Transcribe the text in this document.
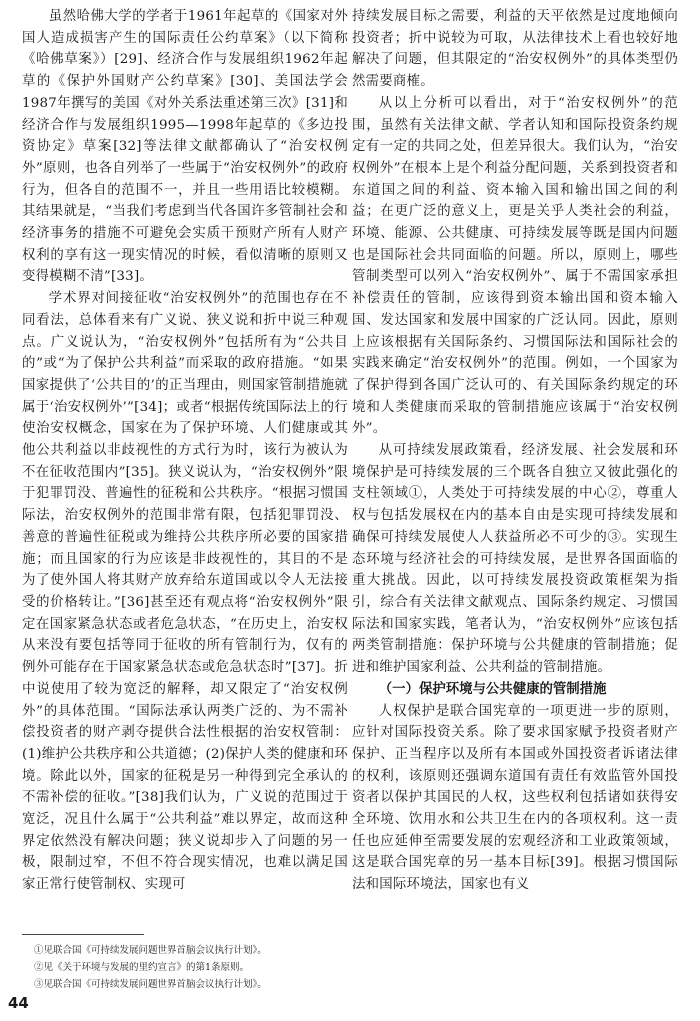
虽然哈佛大学的学者于1961年起草的《国家对外国人造成损害产生的国际责任公约草案》（以下简称《哈佛草案》）[29]、经济合作与发展组织1962年起草的《保护外国财产公约草案》[30]、美国法学会1987年撰写的美国《对外关系法重述第三次》[31]和经济合作与发展组织1995—1998年起草的《多边投资协定》草案[32]等法律文献都确认了“治安权例外”原则，也各自列举了一些属于“治安权例外”的政府行为，但各自的范围不一，并且一些用语比较模糊。其结果就是，“当我们考虑到当代各国许多管制社会和经济事务的措施不可避免会实质干预财产所有人财产权利的享有这一现实情况的时候，看似清晰的原则又变得模糊不清”[33]。

学术界对间接征收“治安权例外”的范围也存在不同看法，总体看来有广义说、狭义说和折中说三种观点。广义说认为，“治安权例外”包括所有为“公共目的”或“为了保护公共利益”而采取的政府措施。“如果国家提供了‘公共目的’的正当理由，则国家管制措施就属于‘治安权例外’”[34]；或者“根据传统国际法上的行使治安权概念，国家在为了保护环境、人们健康或其他公共利益以非歧视性的方式行为时，该行为被认为不在征收范围内”[35]。狭义说认为，“治安权例外”限于犯罪罚没、普遍性的征税和公共秩序。“根据习惯国际法，治安权例外的范围非常有限，包括犯罪罚没、善意的普遍性征税或为维持公共秩序所必要的国家措施；而且国家的行为应该是非歧视性的，其目的不是为了使外国人将其财产放弃给东道国或以令人无法接受的价格转让。”[36]甚至还有观点将“治安权例外”限定在国家紧急状态或者危急状态，“在历史上，治安权从来没有要包括等同于征收的所有管制行为，仅有的例外可能存在于国家紧急状态或危急状态时”[37]。折中说使用了较为宽泛的解释，却又限定了“治安权例外”的具体范围。“国际法承认两类广泛的、为不需补偿投资者的财产剥夺提供合法性根据的治安权管制：(1)维护公共秩序和公共道德；(2)保护人类的健康和环境。除此以外，国家的征税是另一种得到完全承认的不需补偿的征收。”[38]我们认为，广义说的范围过于宽泛，况且什么属于“公共利益”难以界定，故而这种界定依然没有解决问题；狭义说却步入了问题的另一极，限制过窄，不但不符合现实情况，也难以满足国家正常行使管制权、实现可

持续发展目标之需要，利益的天平依然是过度地倾向投资者；折中说较为可取，从法律技术上看也较好地解决了问题，但其限定的“治安权例外”的具体类型仍然需要商榷。

从以上分析可以看出，对于“治安权例外”的范围，虽然有关法律文献、学者认知和国际投资条约规定有一定的共同之处，但差异很大。我们认为，“治安权例外”在根本上是个利益分配问题，关系到投资者和东道国之间的利益、资本输入国和输出国之间的利益；在更广泛的意义上，更是关乎人类社会的利益，环境、能源、公共健康、可持续发展等既是国内问题也是国际社会共同面临的问题。所以，原则上，哪些管制类型可以列入“治安权例外”、属于不需国家承担补偿责任的管制，应该得到资本输出国和资本输入国、发达国家和发展中国家的广泛认同。因此，原则上应该根据有关国际条约、习惯国际法和国际社会的实践来确定“治安权例外”的范围。例如，一个国家为了保护得到各国广泛认可的、有关国际条约规定的环境和人类健康而采取的管制措施应该属于“治安权例外”。

从可持续发展政策看，经济发展、社会发展和环境保护是可持续发展的三个既各自独立又彼此强化的支柱领域①，人类处于可持续发展的中心②，尊重人权与包括发展权在内的基本自由是实现可持续发展和确保可持续发展使人人获益所必不可少的③。实现生态环境与经济社会的可持续发展，是世界各国面临的重大挑战。因此，以可持续发展投资政策框架为指引，综合有关法律文献观点、国际条约规定、习惯国际法和国家实践，笔者认为，“治安权例外”应该包括两类管制措施：保护环境与公共健康的管制措施；促进和维护国家利益、公共利益的管制措施。

（一）保护环境与公共健康的管制措施

人权保护是联合国宪章的一项更进一步的原则，应针对国际投资关系。除了要求国家赋予投资者财产保护、正当程序以及所有本国或外国投资者诉诸法律的权利，该原则还强调东道国有责任有效监管外国投资者以保护其国民的人权，这些权利包括诸如获得安全环境、饮用水和公共卫生在内的各项权利。这一责任也应延伸至需要发展的宏观经济和工业政策领域，这是联合国宪章的另一基本目标[39]。根据习惯国际法和国际环境法，国家也有义

①见联合国《可持续发展问题世界首脑会议执行计划》。
②见《关于环境与发展的里约宣言》的第1条原则。
③见联合国《可持续发展问题世界首脑会议执行计划》。
44
